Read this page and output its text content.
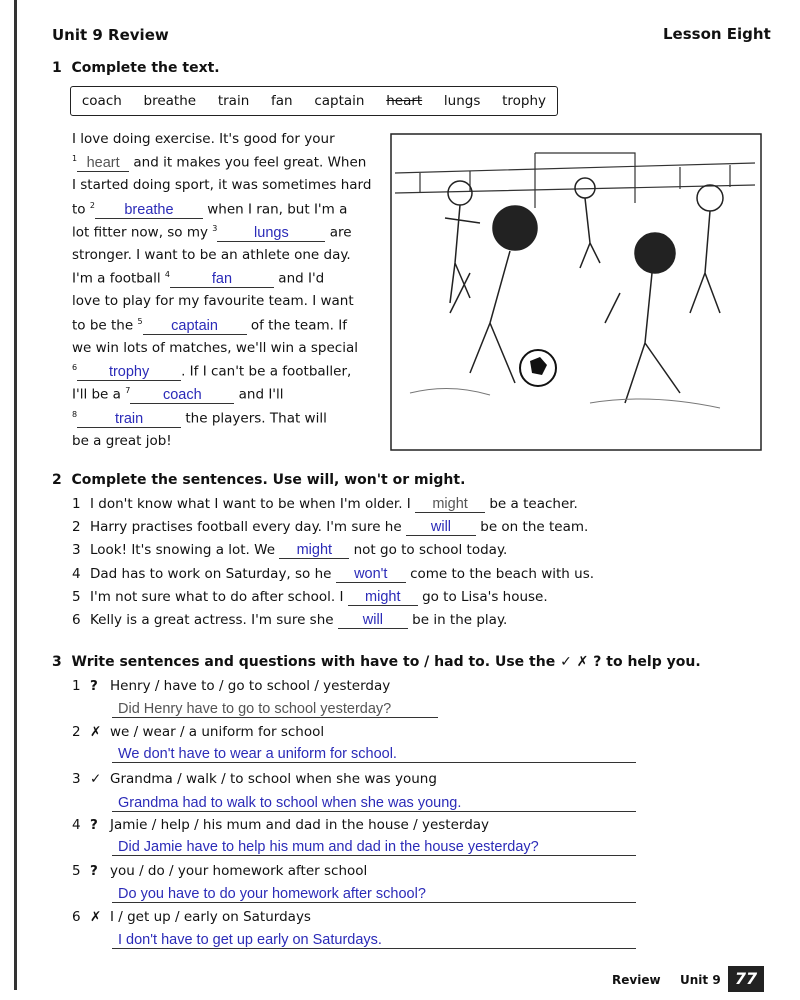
Unit 9 Review	Lesson Eight
1 Complete the text.
coach breathe train fan captain heart lungs trophy
I love doing exercise. It's good for your
$^1$ heart and it makes you feel great. When
I started doing sport, it was sometimes hard
to $^2$ breathe when I ran, but I'm a
lot fitter now, so my $^3$	lungs	are
stronger. I want to be an athlete one day.
I'm a football $^4$	fan	and I'd
love to play for my favourite team. I want
to be the $^5$ captain of the team. If
we win lots of matches, we'll win a special
$^6$ trophy . If I can't be a footballer,
I'll be a $^7$ coach	and I'll
$^8$	train	the players. That will
be a great job!
2 Complete the sentences. Use will, won't or might.
1 I don't know what I want to be when I'm older. I might be a teacher.
2 Harry practises football every day. I'm sure he will be on the team.
3 Look! It's snowing a lot. We might not go to school today.
4 Dad has to work on Saturday, so he won't come to the beach with us.
5 I'm not sure what to do after school. I might go to Lisa's house.
6 Kelly is a great actress. I'm sure she will be in the play.
3 Write sentences and questions with have to / had to. Use the ✓ ✗ ? to help you.
1 ? Henry / have to / go to school / yesterday
Did Henry have to go to school yesterday?
2 ✗ we / wear / a uniform for school
We don't have to wear a uniform for school.
3 ✓ Grandma / walk / to school when she was young
Grandma had to walk to school when she was young.
4 ? Jamie / help / his mum and dad in the house / yesterday
Did Jamie have to help his mum and dad in the house yesterday?
5 ? you / do / your homework after school
Do you have to do your homework after school?
6 ✗ I / get up / early on Saturdays
I don't have to get up early on Saturdays.
Review Unit 9 77
